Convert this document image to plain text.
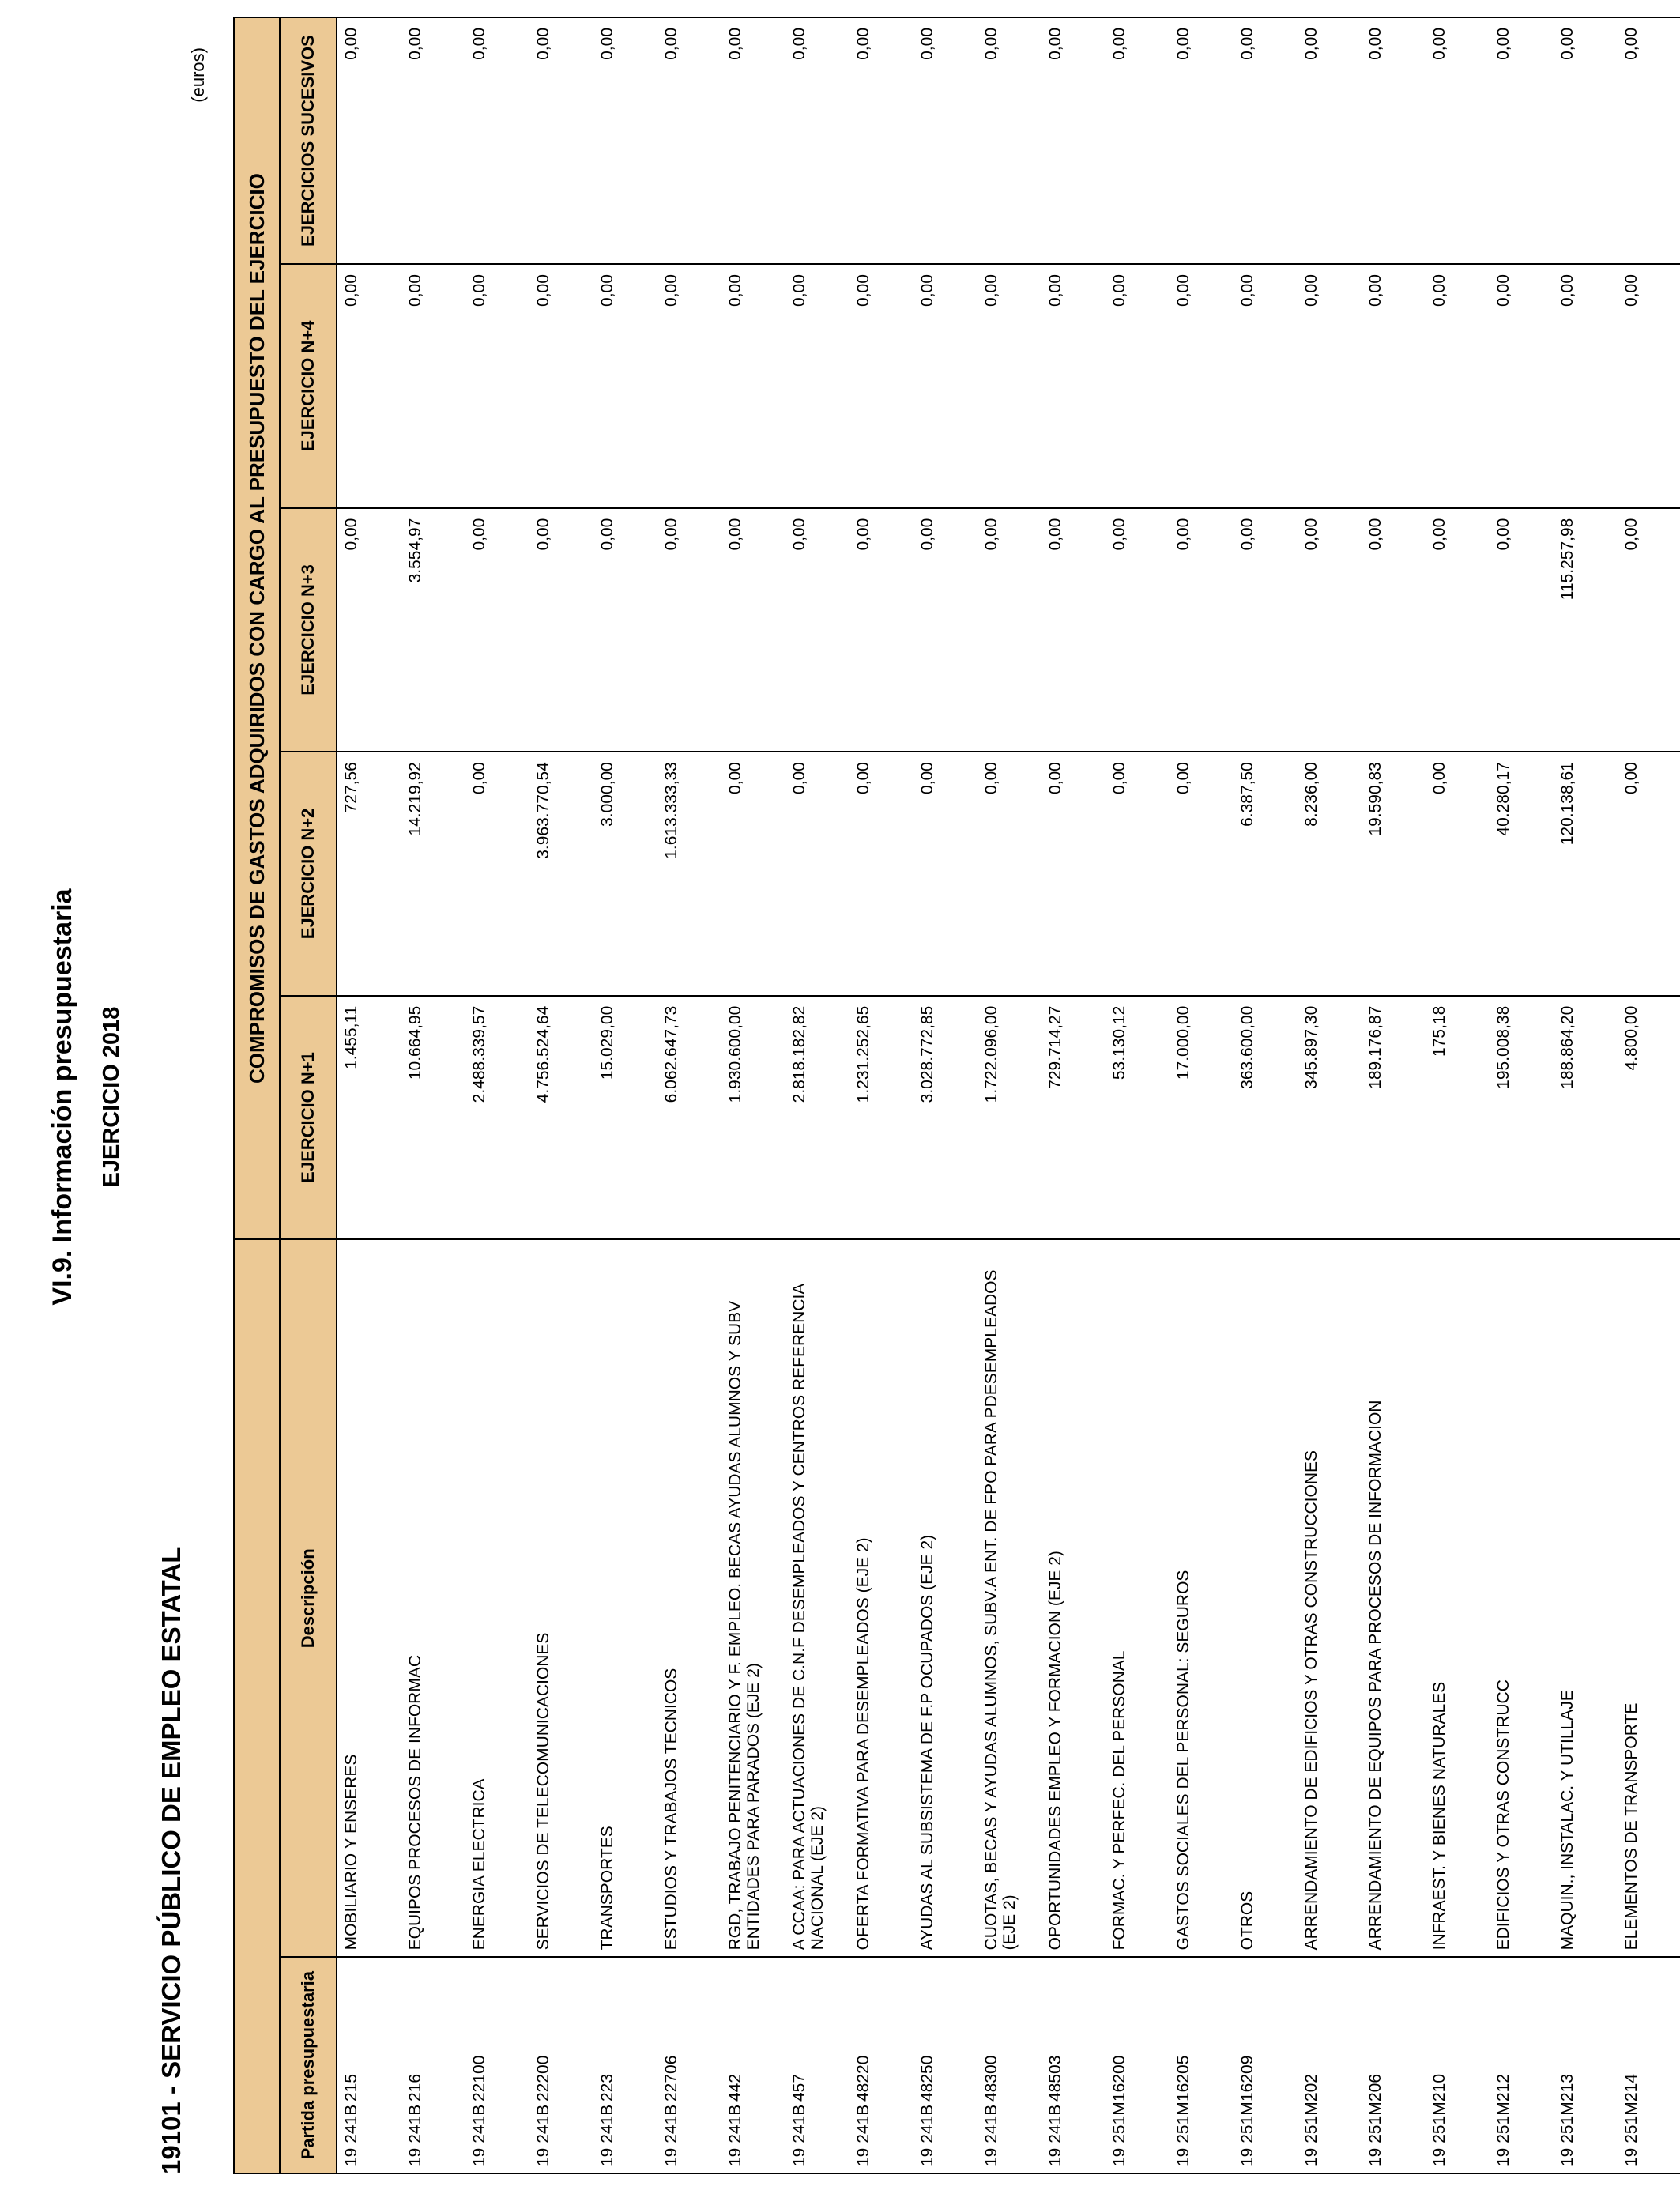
VI.9. Información presupuestaria EJERCICIO 2018
19101 - SERVICIO PÚBLICO DE EMPLEO ESTATAL
(euros)
		COMPROMISOS DE GASTOS ADQUIRIDOS CON CARGO AL PRESUPUESTO DEL EJERCICIO				
Partida presupuestaria	Descripción	EJERCICIO N+1	EJERCICIO N+2	EJERCICIO N+3	EJERCICIO N+4	EJERCICIOS SUCESIVOS
19 241B215	MOBILIARIO Y ENSERES	1.455,11	727,56	0,00	0,00	0,00
19 241B216	EQUIPOS PROCESOS DE INFORMAC	10.664,95	14.219,92	3.554,97	0,00	0,00
19 241B22100	ENERGIA ELECTRICA	2.488.339,57	0,00	0,00	0,00	0,00
19 241B22200	SERVICIOS DE TELECOMUNICACIONES	4.756.524,64	3.963.770,54	0,00	0,00	0,00
19 241B223	TRANSPORTES	15.029,00	3.000,00	0,00	0,00	0,00
19 241B22706	ESTUDIOS Y TRABAJOS TECNICOS	6.062.647,73	1.613.333,33	0,00	0,00	0,00
19 241B442	RGD, TRABAJO PENITENCIARIO Y F. EMPLEO. BECAS AYUDAS ALUMNOS Y SUBV ENTIDADES PARA PARADOS (EJE 2)	1.930.600,00	0,00	0,00	0,00	0,00
19 241B457	A CCAA: PARA ACTUACIONES DE C.N.F DESEMPLEADOS Y CENTROS REFERENCIA NACIONAL (EJE 2)	2.818.182,82	0,00	0,00	0,00	0,00
19 241B48220	OFERTA FORMATIVA PARA DESEMPLEADOS (EJE 2)	1.231.252,65	0,00	0,00	0,00	0,00
19 241B48250	AYUDAS AL SUBSISTEMA DE F.P OCUPADOS (EJE 2)	3.028.772,85	0,00	0,00	0,00	0,00
19 241B48300	CUOTAS, BECAS Y AYUDAS ALUMNOS, SUBV.A ENT. DE FPO PARA PDESEMPLEADOS (EJE 2)	1.722.096,00	0,00	0,00	0,00	0,00
19 241B48503	OPORTUNIDADES EMPLEO Y FORMACION (EJE 2)	729.714,27	0,00	0,00	0,00	0,00
19 251M16200	FORMAC. Y PERFEC. DEL PERSONAL	53.130,12	0,00	0,00	0,00	0,00
19 251M16205	GASTOS SOCIALES DEL PERSONAL: SEGUROS	17.000,00	0,00	0,00	0,00	0,00
19 251M16209	OTROS	363.600,00	6.387,50	0,00	0,00	0,00
19 251M202	ARRENDAMIENTO DE EDIFICIOS Y OTRAS CONSTRUCCIONES	345.897,30	8.236,00	0,00	0,00	0,00
19 251M206	ARRENDAMIENTO DE EQUIPOS PARA PROCESOS DE INFORMACION	189.176,87	19.590,83	0,00	0,00	0,00
19 251M210	INFRAEST. Y BIENES NATURALES	175,18	0,00	0,00	0,00	0,00
19 251M212	EDIFICIOS Y OTRAS CONSTRUCC	195.008,38	40.280,17	0,00	0,00	0,00
19 251M213	MAQUIN., INSTALAC. Y UTILLAJE	188.864,20	120.138,61	115.257,98	0,00	0,00
19 251M214	ELEMENTOS DE TRANSPORTE	4.800,00	0,00	0,00	0,00	0,00
